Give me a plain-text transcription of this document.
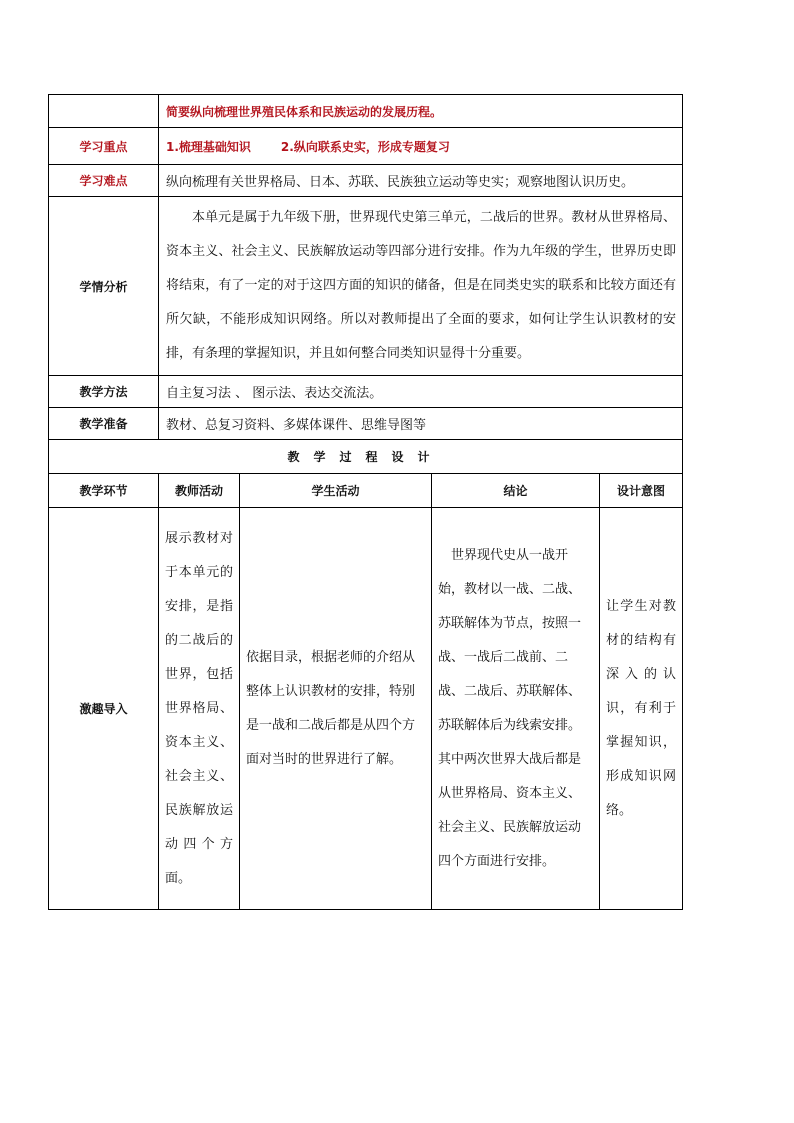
	简要纵向梳理世界殖民体系和民族运动的发展历程。			
学习重点	1.梳理基础知识 2.纵向联系史实，形成专题复习			
学习难点	纵向梳理有关世界格局、日本、苏联、民族独立运动等史实；观察地图认识历史。			
学情分析	本单元是属于九年级下册，世界现代史第三单元，二战后的世界。教材从世界格局、资本主义、社会主义、民族解放运动等四部分进行安排。作为九年级的学生，世界历史即将结束，有了一定的对于这四方面的知识的储备，但是在同类史实的联系和比较方面还有所欠缺，不能形成知识网络。所以对教师提出了全面的要求，如何让学生认识教材的安排，有条理的掌握知识，并且如何整合同类知识显得十分重要。			

教学方法	自主复习法 、 图示法、表达交流法。			
教学准备	教材、总复习资料、多媒体课件、思维导图等			
教学过程设计				
教学环节	教师活动	学生活动	结论	设计意图
激趣导入	展示教材对于本单元的安排，是指的二战后的世界，包括世界格局、资本主义、社会主义、民族解放运动四个方面。	依据目录，根据老师的介绍从整体上认识教材的安排，特别是一战和二战后都是从四个方面对当时的世界进行了解。	世界现代史从一战开始，教材以一战、二战、苏联解体为节点，按照一战、一战后二战前、二战、二战后、苏联解体、苏联解体后为线索安排。其中两次世界大战后都是从世界格局、资本主义、社会主义、民族解放运动四个方面进行安排。	让学生对教材的结构有深入的认识，有利于掌握知识，形成知识网络。
